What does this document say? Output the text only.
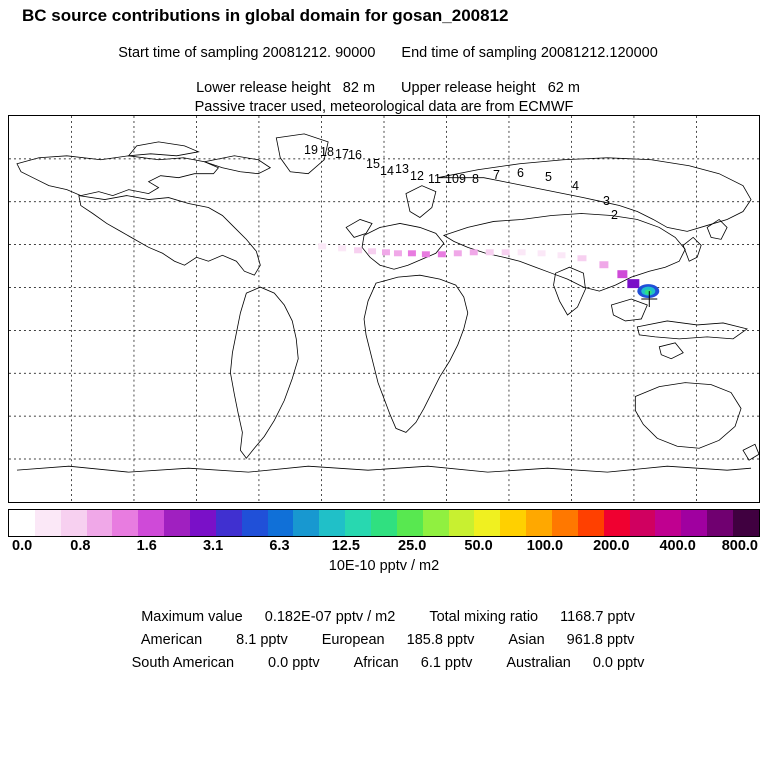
BC source contributions in global domain for gosan_200812

Start time of sampling 20081212. 90000 End time of sampling 20081212.120000

Lower release height   82 m Upper release height   62 m

Passive tracer used, meteorological data are from ECMWF
19 18 17 16
15 14 13 12 11 10 9 8 7 6 5
4
3
2
0.0	0.8	1.6	3.1	6.3	12.5	25.0	50.0 100.0 200.0 400.0 800.0
10E-10 pptv / m2

Maximum value 0.182E-07 pptv / m2 Total mixing ratio 1168.7 pptv

American 8.1 pptv European 185.8 pptv Asian 961.8 pptv

South American 0.0 pptv African 6.1 pptv Australian 0.0 pptv
